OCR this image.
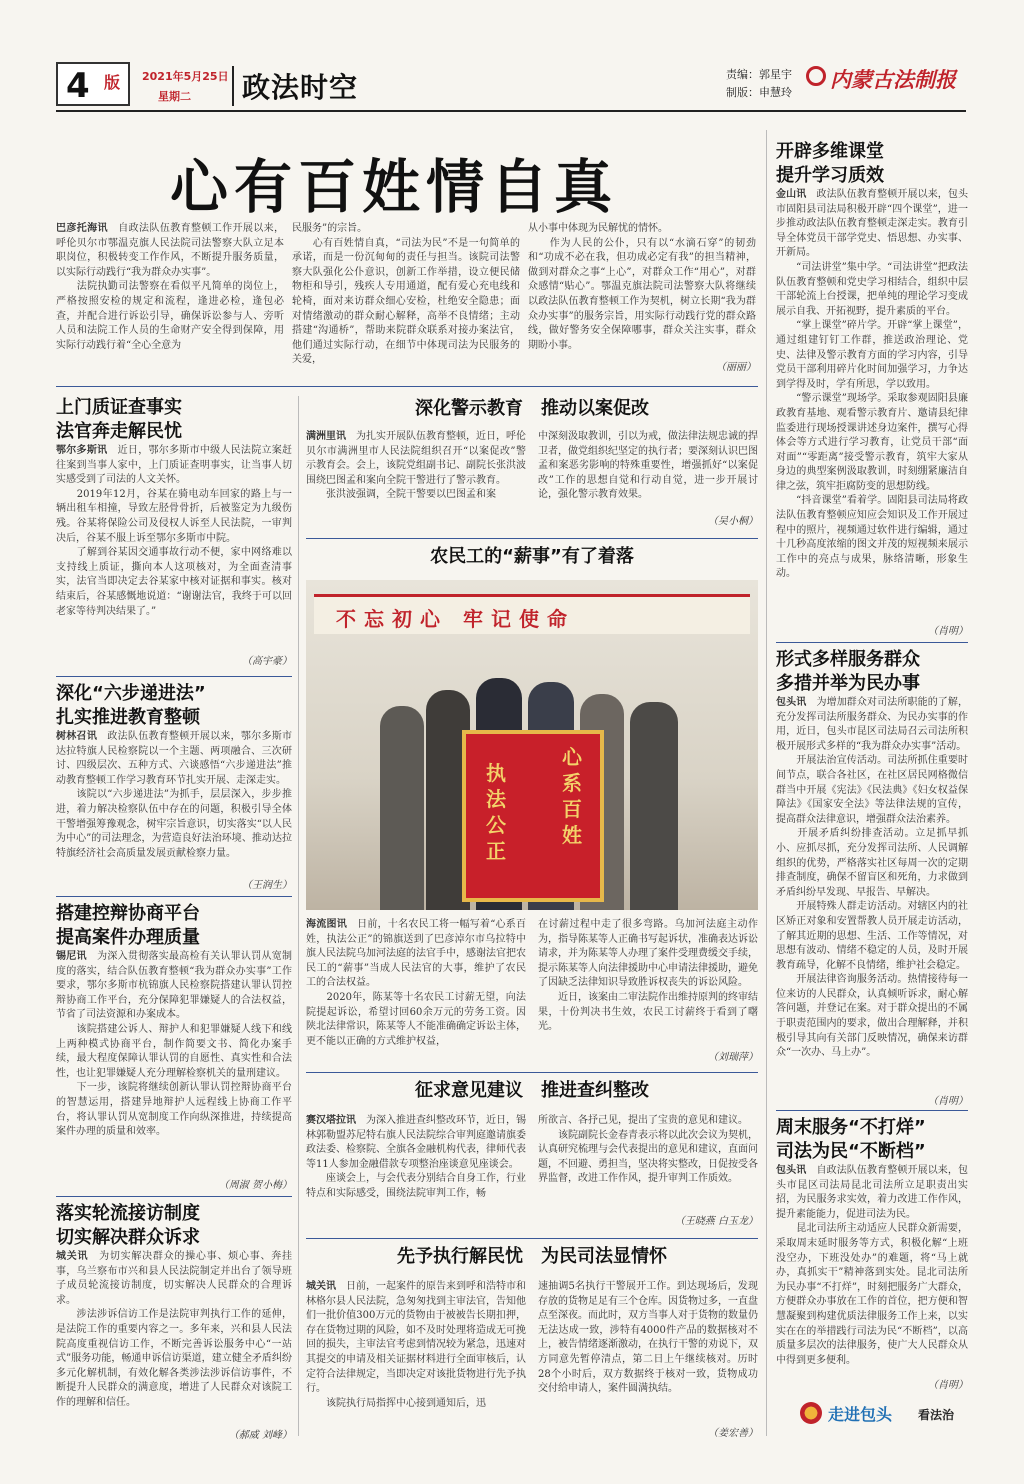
4 版 2021年5月25日
星期二 政法时空	责编：郭星宇
制版：申慧玲
内蒙古法制报
心有百姓情自真
巴彦托海讯　 自政法队伍教育整顿工作开展以来，呼伦贝尔市鄂温克旗人民法院司法警察大队立足本职岗位，积极转变工作作风，不断提升服务质量，以实际行动践行“我为群众办实事”。
　　法院执勤司法警察在看似平凡简单的岗位上，严格按照安检的规定和流程，逢进必检，逢包必查，并配合进行诉讼引导，确保诉讼参与人、旁听人员和法院工作人员的生命财产安全得到保障，用实际行动践行着“全心全意为
民服务”的宗旨。
　　心有百姓情自真，“司法为民”不是一句简单的承诺，而是一份沉甸甸的责任与担当。该院司法警察大队强化公仆意识，创新工作举措，设立便民储物柜和导引，残疾人专用通道，配有爱心充电线和轮椅，面对来访群众细心安检，杜绝安全隐患；面对情绪激动的群众耐心解释，高举不良情绪；主动搭建“沟通桥”，帮助来院群众联系对接办案法官，他们通过实际行动，在细节中体现司法为民服务的关爱，
从小事中体现为民解忧的情怀。
　　作为人民的公仆，只有以“水滴石穿”的韧劲和“功成不必在我，但功成必定有我”的担当精神，做到对群众之事“上心”，对群众工作“用心”，对群众感情“贴心”。鄂温克旗法院司法警察大队将继续以政法队伍教育整顿工作为契机，树立长期“我为群众办实事”的服务宗旨，用实际行动践行党的群众路线，做好警务安全保障哪事，群众关注实事，群众期盼小事。
（丽丽）
上门质证查事实
法官奔走解民忧
鄂尔多斯讯　 近日，鄂尔多斯市中级人民法院立案赶往案到当事人家中，上门质证查明事实，让当事人切实感受到了司法的人文关怀。
　　2019年12月，谷某在骑电动车回家的路上与一辆出租车相撞，导致左胫骨骨折，后被鉴定为九级伤残。谷某将保险公司及侵权人诉至人民法院，一审判决后，谷某不服上诉至鄂尔多斯市中院。
　　了解到谷某因交通事故行动不便，家中网络难以支持线上质证，撕向本人这项核对，为全面查清事实，法官当即决定去谷某家中核对证据和事实。核对结束后，谷某感慨地说道：“谢谢法官，我终于可以回老家等待判决结果了。”
（高宇豪）
深化“六步递进法”
扎实推进教育整顿
树林召讯　 政法队伍教育整顿开展以来，鄂尔多斯市达拉特旗人民检察院以一个主题、两项融合、三次研讨、四级层次、五种方式、六谈感悟“六步递进法”推动教育整顿工作学习教育环节扎实开展、走深走实。
　　该院以“六步递进法”为抓手，层层深入，步步推进，着力解决检察队伍中存在的问题，积极引导全体干警增强筹豫观念，树牢宗旨意识，切实落实“以人民为中心”的司法理念，为营造良好法治环境、推动达拉特旗经济社会高质量发展贡献检察力量。
（王润生）
搭建控辩协商平台
提高案件办理质量
锡尼讯　 为深入贯彻落实最高检有关认罪认罚从宽制度的落实，结合队伍教育整顿“我为群众办实事”工作要求，鄂尔多斯市杭锦旗人民检察院搭建认罪认罚控辩协商工作平台，充分保障犯罪嫌疑人的合法权益，节省了司法资源和办案成本。
　　该院搭建公诉人、辩护人和犯罪嫌疑人线下和线上两种模式协商平台，制作简要文书、简化办案手续，最大程度保障认罪认罚的自愿性、真实性和合法性，也让犯罪嫌疑人充分理解检察机关的量刑建议。
　　下一步，该院将继续创新认罪认罚控辩协商平台的智慧运用，搭建异地辩护人远程线上协商工作平台，将认罪认罚从宽制度工作向纵深推进，持续提高案件办理的质量和效率。
（周淑 贺小梅）
落实轮流接访制度
切实解决群众诉求
城关讯　 为切实解决群众的操心事、烦心事、奔挂事，乌兰察布市兴和县人民法院制定并出台了领导班子成员轮流接访制度，切实解决人民群众的合理诉求。
　　涉法涉诉信访工作是法院审判执行工作的延伸，是法院工作的重要内容之一。多年来，兴和县人民法院高度重视信访工作，不断完善诉讼服务中心“一站式”服务功能，畅通申诉信访渠道，建立健全矛盾纠纷多元化解机制，有效化解各类涉法涉诉信访事件，不断提升人民群众的满意度，增进了人民群众对该院工作的理解和信任。
（郝威 刘峰）
深化警示教育　推动以案促改
满洲里讯　 为扎实开展队伍教育整顿，近日，呼伦贝尔市满洲里市人民法院组织召开“以案促改”警示教育会。会上，该院党组副书记、副院长张洪波围绕巴图孟和案向全院干警进行了警示教育。
　　张洪波强调，全院干警要以巴图孟和案
中深刻汲取教训，引以为戒，做法律法规忠诚的捍卫者，做党组织纪坚定的执行者；要深刻认识巴图孟和案恶劣影响的特殊重要性，增强抓好“以案促改”工作的思想自觉和行动自觉，进一步开展讨论，强化警示教育效果。
（吴小桐）
农民工的“薪事”有了着落
不忘初心 牢记使命
执法公正
心系百姓
海流图讯　 日前，十名农民工将一幅写着“心系百姓，执法公正”的锦旗送到了巴彦淖尔市乌拉特中旗人民法院乌加河法庭的法官手中，感谢法官把农民工的“薪事”当成人民法官的大事，维护了农民工的合法权益。
　　2020年，陈某等十名农民工讨薪无望，向法院提起诉讼，希望讨回60余万元的劳务工资。因陕北法律常识，陈某等人不能准确确定诉讼主体，更不能以正确的方式维护权益，
在讨薪过程中走了很多弯路。乌加河法庭主动作为，指导陈某等人正确书写起诉状，准确表达诉讼请求，并为陈某等人办理了案件受理费缓交手续，提示陈某等人向法律援助中心申请法律援助，避免了因缺乏法律知识导致胜诉权丧失的诉讼风险。
　　近日，该案由二审法院作出维持原判的终审结果，十份判决书生效，农民工讨薪终于看到了曙光。
（刘瑞萍）
征求意见建议　推进查纠整改
赛汉塔拉讯　 为深入推进查纠整改环节，近日，锡林郭勒盟苏尼特右旗人民法院综合审判庭邀请旗委政法委、检察院、全旗各金融机构代表，律师代表等11人参加金融借款专项整治座谈意见座谈会。
　　座谈会上，与会代表分别结合自身工作，行业特点和实际感受，围绕法院审判工作，畅
所欲言、各抒己见，提出了宝贵的意见和建议。
　　该院副院长金春青表示将以此次会议为契机，认真研究梳理与会代表提出的意见和建议，直面问题，不回避、勇担当，坚决将实整改，日促按受各界监督，改进工作作风，提升审判工作质效。
（王晓燕 白玉龙）
先予执行解民忧　为民司法显情怀
城关讯　 日前，一起案件的原告来到呼和浩特市和林格尔县人民法院，急匆匆找到主审法官，告知他们一批价值300万元的货物由于被被告长期扣押，存在货物过期的风险，如不及时处理将造成无可挽回的损失，主审法官考虑到情况较为紧急，迅速对其提交的申请及相关证据材料进行全面审核后，认定符合法律规定，当即决定对该批货物进行先予执行。
　　该院执行局指挥中心接到通知后，迅
速抽调5名执行干警展开工作。到达现场后，发现存放的货物足足有三个仓库。因货物过多，一直盘点至深夜。而此时，双方当事人对于货物的数量仍无法达成一致，涉特有4000件产品的数据核对不上，被告情绪逐渐激动，在执行干警的劝说下，双方同意先暂停清点，第二日上午继续核对。历时28个小时后，双方数据终于核对一致，货物成功交付给申请人，案件圆满执结。
（姜宏善）
开辟多维课堂
提升学习质效
金山讯　 政法队伍教育整顿开展以来，包头市固阳县司法局积极开辟“四个课堂”，进一步推动政法队伍教育整顿走深走实。教育引导全体党员干部学党史、悟思想、办实事、开新局。
　　“司法讲堂”集中学。“司法讲堂”把政法队伍教育整顿和党史学习相结合，组织中层干部轮流上台授课，把单纯的理论学习变成展示自我、开拓视野，提升素质的平台。
　　“掌上课堂”碎片学。开辟“掌上课堂”，通过组建钉钉工作群，推送政治理论、党史、法律及警示教育方面的学习内容，引导党员干部利用碎片化时间加强学习，力争达到学得及时，学有所思，学以致用。
　　“警示课堂”现场学。采取参观固阳县廉政教育基地、观看警示教育片、邀请县纪律监委进行现场授课讲述身边案件，撰写心得体会等方式进行学习教育，让党员干部“面对面”“零距离”接受警示教育，筑牢大家从身边的典型案例汲取教训，时刻绷紧廉洁自律之弦，筑牢拒腐防变的思想防线。
　　“抖音课堂”看着学。固阳县司法局将政法队伍教育整顿应知应会知识及工作开展过程中的照片，视频通过软件进行编辑，通过十几秒高度浓缩的图文并茂的短视频来展示工作中的亮点与成果，脉络清晰，形象生动。
（肖明）
形式多样服务群众
多措并举为民办事
包头讯　 为增加群众对司法所职能的了解，充分发挥司法所服务群众、为民办实事的作用，近日，包头市昆区司法局召云司法所积极开展形式多样的“我为群众办实事”活动。
　　开展法治宣传活动。司法所抓住重要时间节点，联合各社区，在社区居民网格微信群当中开展《宪法》《民法典》《妇女权益保障法》《国家安全法》等法律法规的宣传，提高群众法律意识，增强群众法治素养。
　　开展矛盾纠纷排查活动。立足抓早抓小、应抓尽抓，充分发挥司法所、人民调解组织的优势，严格落实社区每周一次的定期排查制度，确保不留盲区和死角，力求做到矛盾纠纷早发现、早报告、早解决。
　　开展特殊人群走访活动。对辖区内的社区矫正对象和安置帮教人员开展走访活动，了解其近期的思想、生活、工作等情况，对思想有波动、情绪不稳定的人员，及时开展教育疏导，化解不良情绪，维护社会稳定。
　　开展法律咨询服务活动。热情接待每一位来访的人民群众，认真倾听诉求，耐心解答问题，并登记在案。对于群众提出的不属于职责范围内的要求，做出合理解释，并积极引导其向有关部门反映情况，确保来访群众“一次办、马上办”。
（肖明）
周末服务“不打烊”
司法为民“不断档”
包头讯　 自政法队伍教育整顿开展以来，包头市昆区司法局昆北司法所立足职责出实招，为民服务求实效，着力改进工作作风，提升素能能力，促进司法为民。
　　昆北司法所主动适应人民群众新需要，采取周末延时服务等方式，积极化解“上班没空办，下班没处办”的难题，将“马上就办，真抓实干”精神落到实处。昆北司法所为民办事“不打烊”，时刻把服务广大群众，方便群众办事放在工作的首位，把方便和智慧凝聚到构建优质法律服务工作上来，以实实在在的举措践行司法为民“不断档”，以高质量多层次的法律服务，使广大人民群众从中得到更多便利。
（肖明）
走进包头 看法治
